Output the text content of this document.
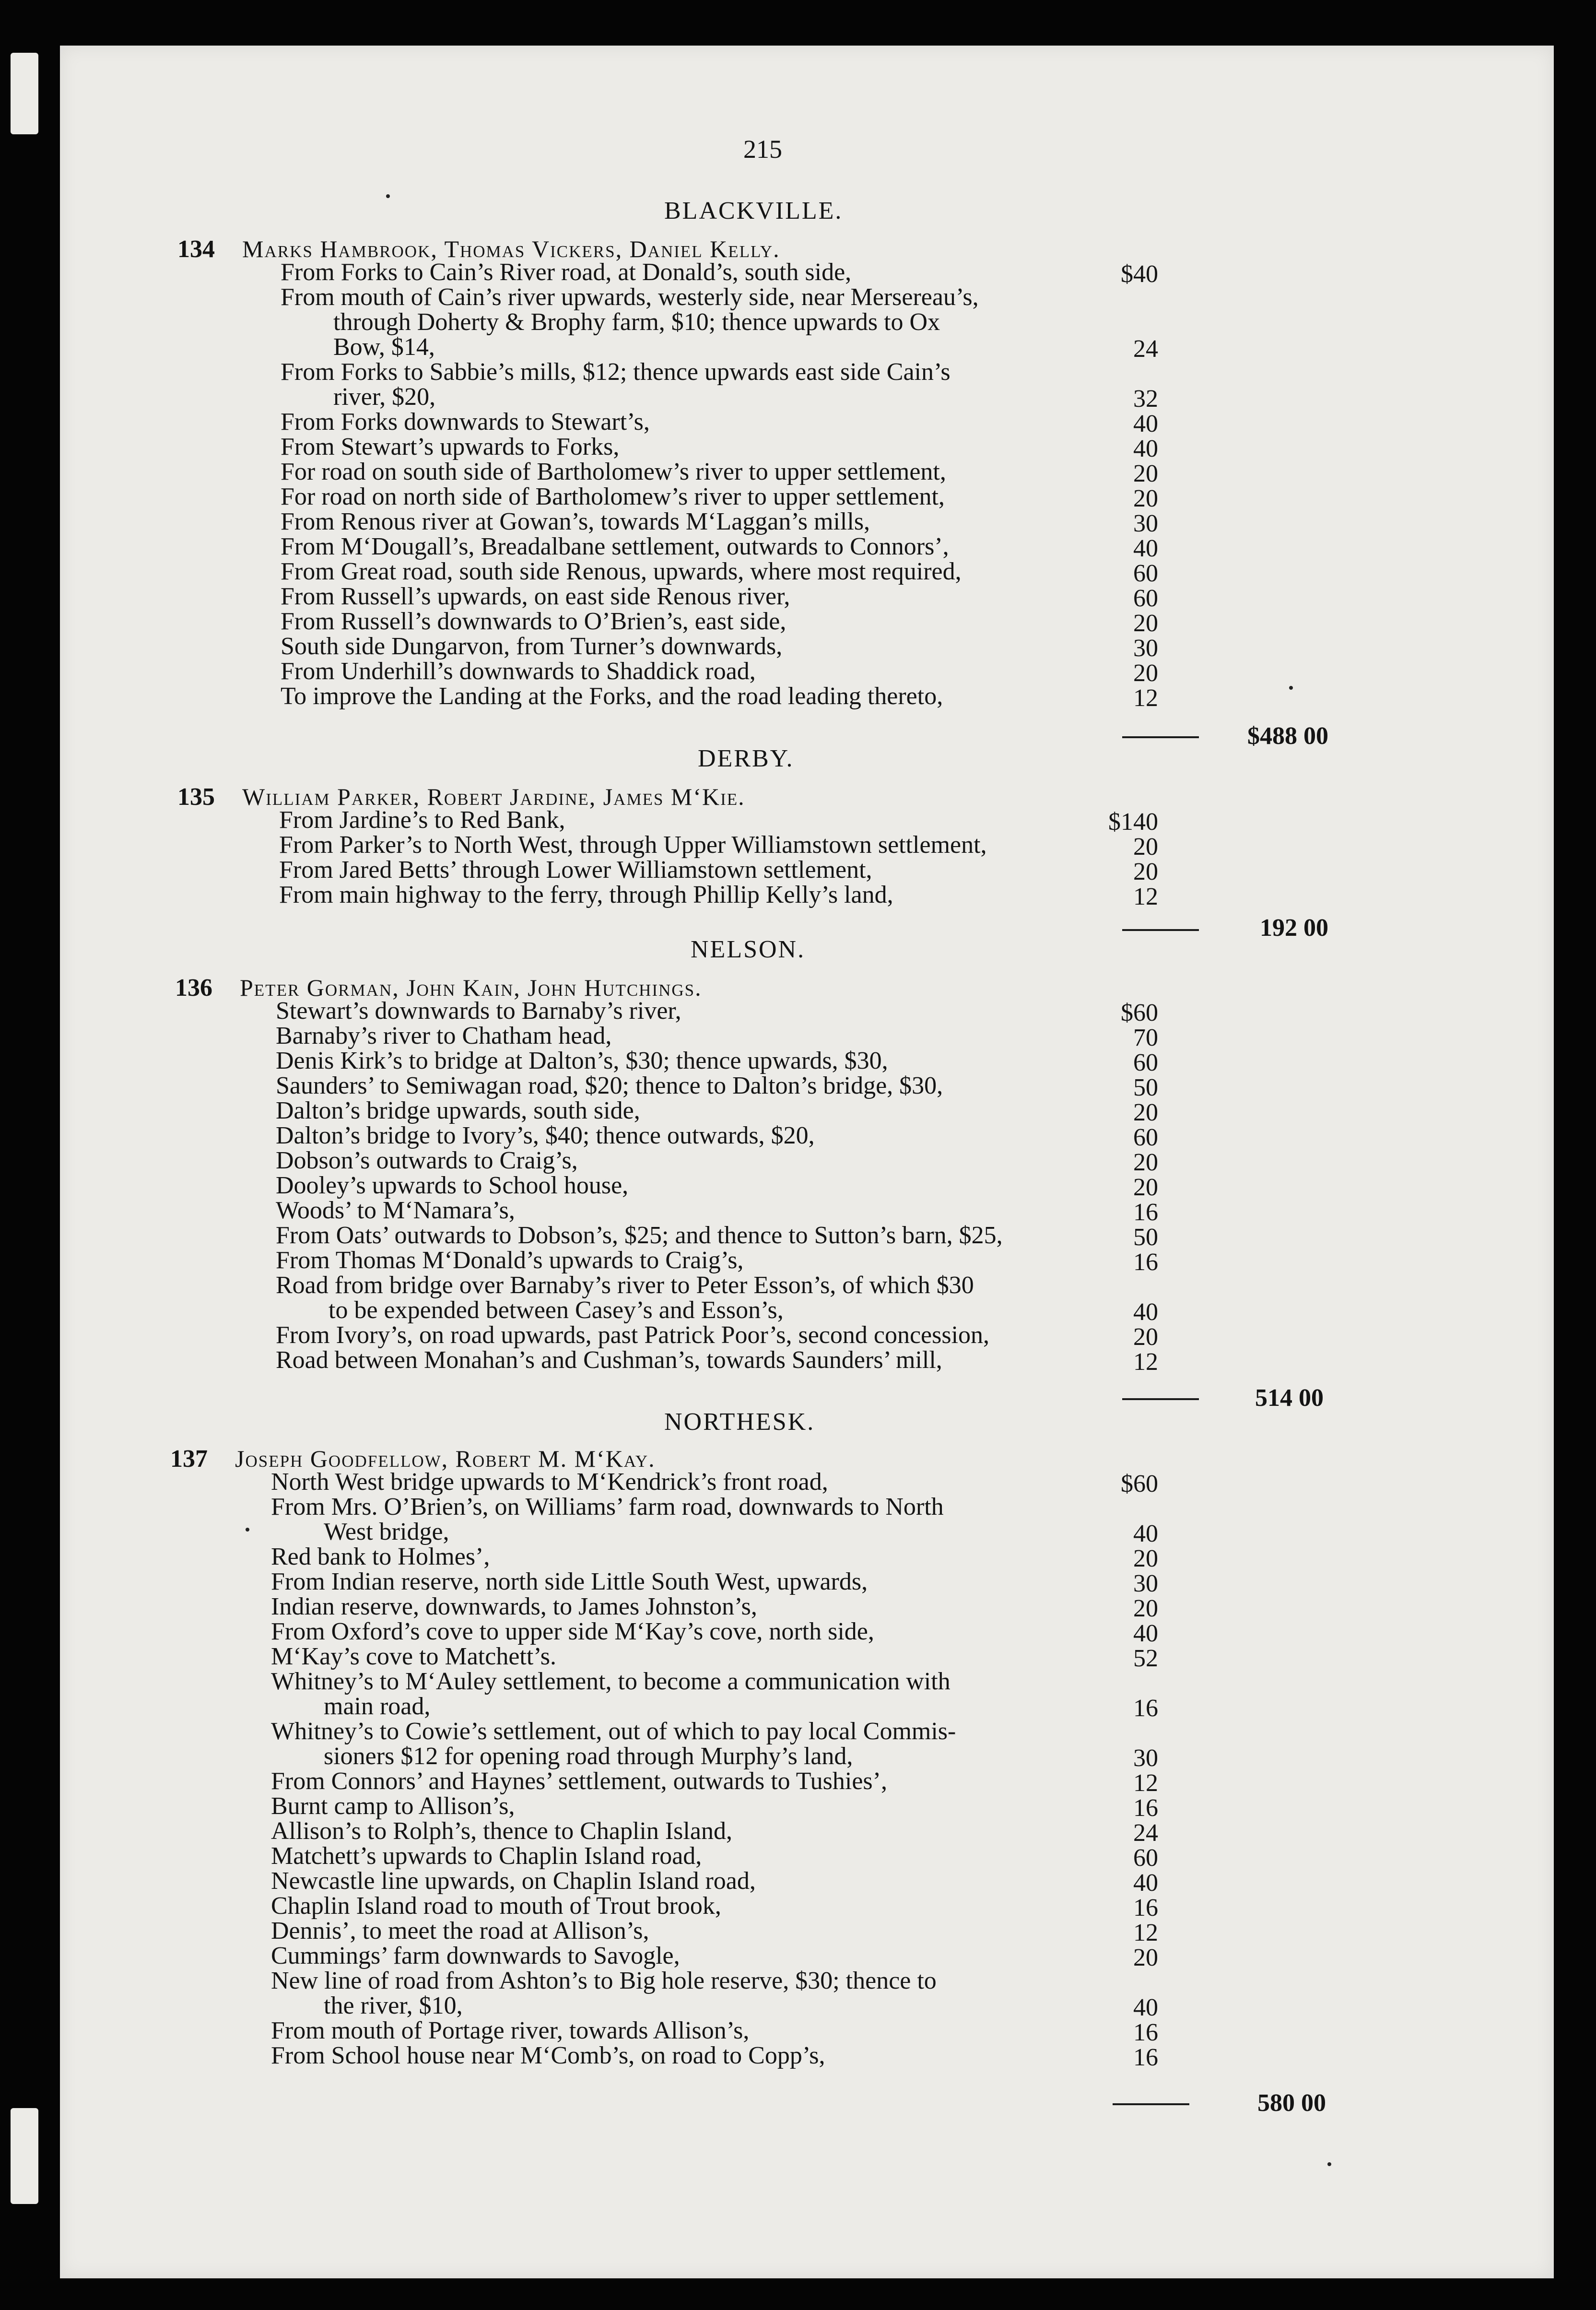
215
BLACKVILLE.
134 Marks Hambrook, Thomas Vickers, Daniel Kelly.
From Forks to Cain’s River road, at Donald’s, south side,	$40
From mouth of Cain’s river upwards, westerly side, near Mersereau’s,
through Doherty & Brophy farm, $10; thence upwards to Ox
Bow, $14,	24
From Forks to Sabbie’s mills, $12; thence upwards east side Cain’s
river, $20,	32
From Forks downwards to Stewart’s,	40
From Stewart’s upwards to Forks,	40
For road on south side of Bartholomew’s river to upper settlement,	20
For road on north side of Bartholomew’s river to upper settlement,	20
From Renous river at Gowan’s, towards M‘Laggan’s mills,	30
From M‘Dougall’s, Breadalbane settlement, outwards to Connors’,	40
From Great road, south side Renous, upwards, where most required,	60
From Russell’s upwards, on east side Renous river,	60
From Russell’s downwards to O’Brien’s, east side,	20
South side Dungarvon, from Turner’s downwards,	30
From Underhill’s downwards to Shaddick road,	20
To improve the Landing at the Forks, and the road leading thereto,	12
$488 00
DERBY.
135 William Parker, Robert Jardine, James M‘Kie.
From Jardine’s to Red Bank,	$140
From Parker’s to North West, through Upper Williamstown settlement,	20
From Jared Betts’ through Lower Williamstown settlement,	20
From main highway to the ferry, through Phillip Kelly’s land,	12
192 00
NELSON.
136 Peter Gorman, John Kain, John Hutchings.
Stewart’s downwards to Barnaby’s river,	$60
Barnaby’s river to Chatham head,	70
Denis Kirk’s to bridge at Dalton’s, $30; thence upwards, $30,	60
Saunders’ to Semiwagan road, $20; thence to Dalton’s bridge, $30,	50
Dalton’s bridge upwards, south side,	20
Dalton’s bridge to Ivory’s, $40; thence outwards, $20,	60
Dobson’s outwards to Craig’s,	20
Dooley’s upwards to School house,	20
Woods’ to M‘Namara’s,	16
From Oats’ outwards to Dobson’s, $25; and thence to Sutton’s barn, $25,	50
From Thomas M‘Donald’s upwards to Craig’s,	16
Road from bridge over Barnaby’s river to Peter Esson’s, of which $30
to be expended between Casey’s and Esson’s,	40
From Ivory’s, on road upwards, past Patrick Poor’s, second concession,	20
Road between Monahan’s and Cushman’s, towards Saunders’ mill,	12
514 00
NORTHESK.
137 Joseph Goodfellow, Robert M. M‘Kay.
North West bridge upwards to M‘Kendrick’s front road,	$60
From Mrs. O’Brien’s, on Williams’ farm road, downwards to North
West bridge,	40
Red bank to Holmes’,	20
From Indian reserve, north side Little South West, upwards,	30
Indian reserve, downwards, to James Johnston’s,	20
From Oxford’s cove to upper side M‘Kay’s cove, north side,	40
M‘Kay’s cove to Matchett’s.	52
Whitney’s to M‘Auley settlement, to become a communication with
main road,	16
Whitney’s to Cowie’s settlement, out of which to pay local Commis-
sioners $12 for opening road through Murphy’s land,	30
From Connors’ and Haynes’ settlement, outwards to Tushies’,	12
Burnt camp to Allison’s,	16
Allison’s to Rolph’s, thence to Chaplin Island,	24
Matchett’s upwards to Chaplin Island road,	60
Newcastle line upwards, on Chaplin Island road,	40
Chaplin Island road to mouth of Trout brook,	16
Dennis’, to meet the road at Allison’s,	12
Cummings’ farm downwards to Savogle,	20
New line of road from Ashton’s to Big hole reserve, $30; thence to
the river, $10,	40
From mouth of Portage river, towards Allison’s,	16
From School house near M‘Comb’s, on road to Copp’s,	16
580 00
